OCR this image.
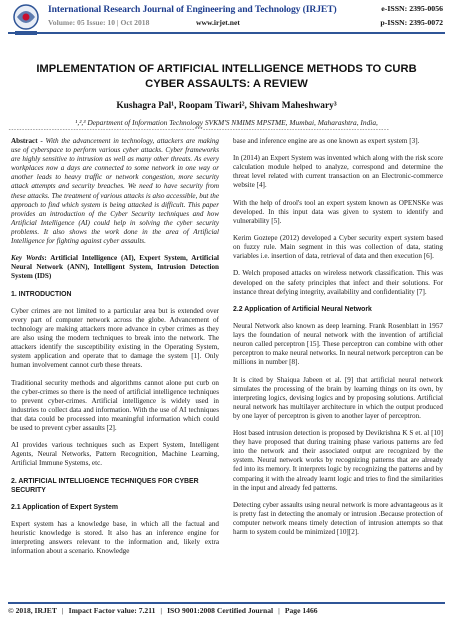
International Research Journal of Engineering and Technology (IRJET)
Volume: 05 Issue: 10 | Oct 2018	www.irjet.net
e-ISSN: 2395-0056
p-ISSN: 2395-0072
IMPLEMENTATION OF ARTIFICIAL INTELLIGENCE METHODS TO CURB CYBER ASSAULTS: A REVIEW
Kushagra Pal¹, Roopam Tiwari², Shivam Maheshwary³
¹,²,³ Department of Information Technology SVKM'S NMIMS MPSTME, Mumbai, Maharashtra, India,
---------------------------------------------------------------------***---------------------------------------------------------------------

Abstract - With the advancement in technology, attackers are making use of cyberspace to perform various cyber attacks. Cyber frameworks are highly sensitive to intrusion as well as many other threats. As every workplaces now a days are connected to some network in one way or another leads to heavy traffic or network congestion, more security attack attempts and security breaches. We need to have security from these attacks. The treatment of various attacks is also accessible, but the approach to find which system is being attacked is difficult. This paper provides an introduction of the Cyber Security techniques and how Artificial Intelligence (AI) could help in solving the cyber security problems. It also shows the work done in the area of Artificial Intelligence for fighting against cyber assaults.

Key Words: Artificial Intelligence (AI), Expert System, Artificial Neural Network (ANN), Intelligent System, Intrusion Detection System (IDS)

1. INTRODUCTION

Cyber crimes are not limited to a particular area but is extended over every part of computer network across the globe. Advancement of technology are making attackers more advance in cyber crimes as they are also using the modern techniques to break into the network. The attackers identify the susceptibility existing in the Operating System, system application and operate that to damage the system [1]. Only human involvement cannot curb these threats.

Traditional security methods and algorithms cannot alone put curb on the cyber-crimes so there is the need of artificial intelligence techniques to prevent cyber-crimes. Artificial intelligence is widely used in industries to collect data and information. With the use of AI techniques that data could be processed into meaningful information which could be used to prevent cyber assaults [2].

AI provides various techniques such as Expert System, Intelligent Agents, Neural Networks, Pattern Recognition, Machine Learning, Artificial Immune Systems, etc.

2. ARTIFICIAL INTELLIGENCE TECHNIQUES FOR CYBER SECURITY
2.1 Application of Expert System

Expert system has a knowledge base, in which all the factual and heuristic knowledge is stored. It also has an inference engine for interpreting answers relevant to the information and, likely extra information about a scenario. Knowledge

base and inference engine are as one known as expert system [3].

In (2014) an Expert System was invented which along with the risk score calculation module helped to analyze, correspond and determine the threat level related with current transaction on an Electronic-commerce website [4].

With the help of drool's tool an expert system known as OPENSKe was developed. In this input data was given to system to identify and vulnerability [5].

Kerim Goztepe (2012) developed a Cyber security expert system based on fuzzy rule. Main segment in this was collection of data, stating variables i.e. insertion of data, retrieval of data and then execution [6].

D. Welch proposed attacks on wireless network classification. This was developed on the safety principles that infect and their solutions. For instance threat defying integrity, availability and confidentiality [7].

2.2 Application of Artificial Neural Network

Neural Network also known as deep learning. Frank Rosenblatt in 1957 lays the foundation of neural network with the invention of artificial neuron called perceptron [15]. These perceptron can combine with other perceptron to make neural networks. In neural network perceptron can be millions in number [8].

It is cited by Shaiqua Jabeen et al. [9] that artificial neural network simulates the processing of the brain by learning things on its own, by interpreting logics, devising logics and by proposing solutions. Artificial neural network has multilayer architecture in which the output produced by one layer of perceptron is given to another layer of perceptron.

Host based intrusion detection is proposed by Devikrishna K S et. al [10] they have proposed that during training phase various patterns are fed into the network and their associated output are recognized by the system. Neural network works by recognizing patterns that are already fed into its memory. It interprets logic by recognizing the patterns and by comparing it with the already learnt logic and tries to find the similarities in the input and already fed patterns.

Detecting cyber assaults using neural network is more advantageous as it is pretty fast in detecting the anomaly or intrusion .Because protection of computer network means timely detection of intrusion attempts so that harm to system could be minimized [10][2].

© 2018, IRJET | Impact Factor value: 7.211 | ISO 9001:2008 Certified Journal | Page 1466
